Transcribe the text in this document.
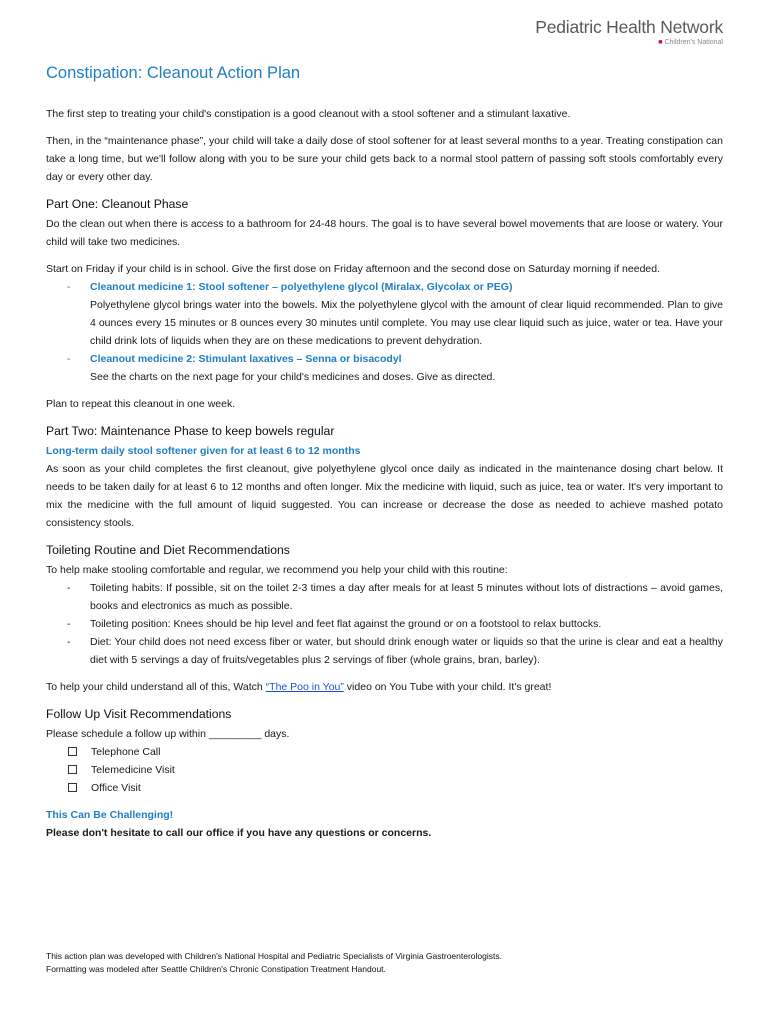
Pediatric Health Network
■ Children's National
Constipation: Cleanout Action Plan

The first step to treating your child's constipation is a good cleanout with a stool softener and a stimulant laxative.

Then, in the “maintenance phase”, your child will take a daily dose of stool softener for at least several months to a year. Treating constipation can take a long time, but we'll follow along with you to be sure your child gets back to a normal stool pattern of passing soft stools comfortably every day or every other day.

Part One: Cleanout Phase

Do the clean out when there is access to a bathroom for 24-48 hours. The goal is to have several bowel movements that are loose or watery. Your child will take two medicines.

Start on Friday if your child is in school. Give the first dose on Friday afternoon and the second dose on Saturday morning if needed.

- Cleanout medicine 1: Stool softener – polyethylene glycol (Miralax, Glycolax or PEG)
Polyethylene glycol brings water into the bowels. Mix the polyethylene glycol with the amount of clear liquid recommended. Plan to give 4 ounces every 15 minutes or 8 ounces every 30 minutes until complete. You may use clear liquid such as juice, water or tea. Have your child drink lots of liquids when they are on these medications to prevent dehydration.
- Cleanout medicine 2: Stimulant laxatives – Senna or bisacodyl
See the charts on the next page for your child's medicines and doses. Give as directed.

Plan to repeat this cleanout in one week.

Part Two: Maintenance Phase to keep bowels regular

Long-term daily stool softener given for at least 6 to 12 months

As soon as your child completes the first cleanout, give polyethylene glycol once daily as indicated in the maintenance dosing chart below. It needs to be taken daily for at least 6 to 12 months and often longer. Mix the medicine with liquid, such as juice, tea or water. It's very important to mix the medicine with the full amount of liquid suggested. You can increase or decrease the dose as needed to achieve mashed potato consistency stools.

Toileting Routine and Diet Recommendations

To help make stooling comfortable and regular, we recommend you help your child with this routine:

- Toileting habits: If possible, sit on the toilet 2-3 times a day after meals for at least 5 minutes without lots of distractions – avoid games, books and electronics as much as possible.
- Toileting position: Knees should be hip level and feet flat against the ground or on a footstool to relax buttocks.
- Diet: Your child does not need excess fiber or water, but should drink enough water or liquids so that the urine is clear and eat a healthy diet with 5 servings a day of fruits/vegetables plus 2 servings of fiber (whole grains, bran, barley).

To help your child understand all of this, Watch “The Poo in You” video on You Tube with your child. It's great!

Follow Up Visit Recommendations

Please schedule a follow up within _________ days.

Telephone Call
Telemedicine Visit
Office Visit

This Can Be Challenging!

Please don't hesitate to call our office if you have any questions or concerns.

This action plan was developed with Children's National Hospital and Pediatric Specialists of Virginia Gastroenterologists.
Formatting was modeled after Seattle Children's Chronic Constipation Treatment Handout.
